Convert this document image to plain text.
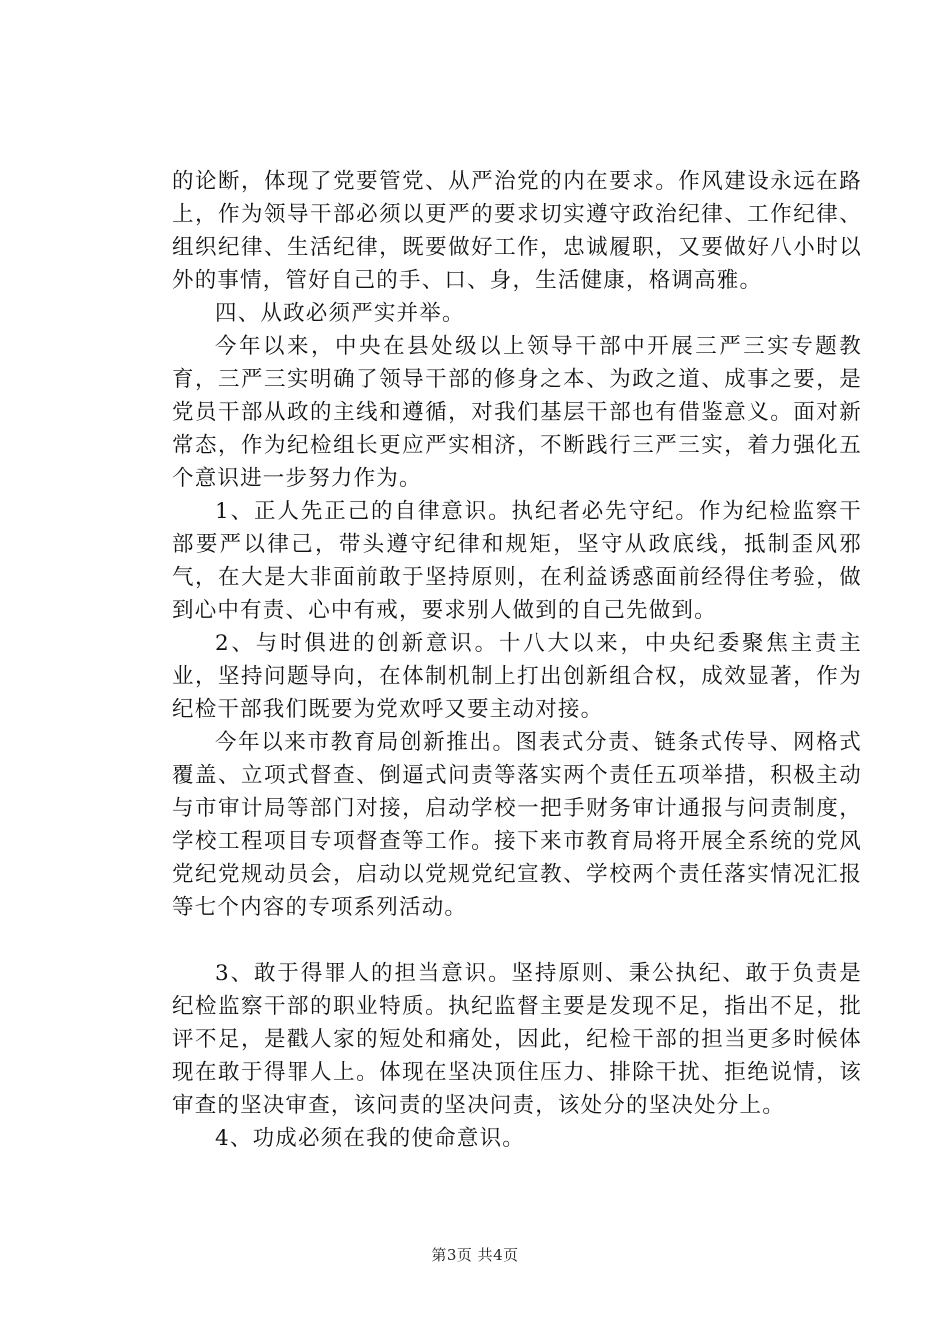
的论断，体现了党要管党、从严治党的内在要求。作风建设永远在路上，作为领导干部必须以更严的要求切实遵守政治纪律、工作纪律、组织纪律、生活纪律，既要做好工作，忠诚履职，又要做好八小时以外的事情，管好自己的手、口、身，生活健康，格调高雅。

四、从政必须严实并举。

今年以来，中央在县处级以上领导干部中开展三严三实专题教育，三严三实明确了领导干部的修身之本、为政之道、成事之要，是党员干部从政的主线和遵循，对我们基层干部也有借鉴意义。面对新常态，作为纪检组长更应严实相济，不断践行三严三实，着力强化五个意识进一步努力作为。

1、正人先正己的自律意识。执纪者必先守纪。作为纪检监察干部要严以律己，带头遵守纪律和规矩，坚守从政底线，抵制歪风邪气，在大是大非面前敢于坚持原则，在利益诱惑面前经得住考验，做到心中有责、心中有戒，要求别人做到的自己先做到。

2、与时俱进的创新意识。十八大以来，中央纪委聚焦主责主业，坚持问题导向，在体制机制上打出创新组合权，成效显著，作为纪检干部我们既要为党欢呼又要主动对接。

今年以来市教育局创新推出。图表式分责、链条式传导、网格式覆盖、立项式督查、倒逼式问责等落实两个责任五项举措，积极主动与市审计局等部门对接，启动学校一把手财务审计通报与问责制度，学校工程项目专项督查等工作。接下来市教育局将开展全系统的党风党纪党规动员会，启动以党规党纪宣教、学校两个责任落实情况汇报等七个内容的专项系列活动。

3、敢于得罪人的担当意识。坚持原则、秉公执纪、敢于负责是纪检监察干部的职业特质。执纪监督主要是发现不足，指出不足，批评不足，是戳人家的短处和痛处，因此，纪检干部的担当更多时候体现在敢于得罪人上。体现在坚决顶住压力、排除干扰、拒绝说情，该审查的坚决审查，该问责的坚决问责，该处分的坚决处分上。

4、功成必须在我的使命意识。

第3页 共4页
